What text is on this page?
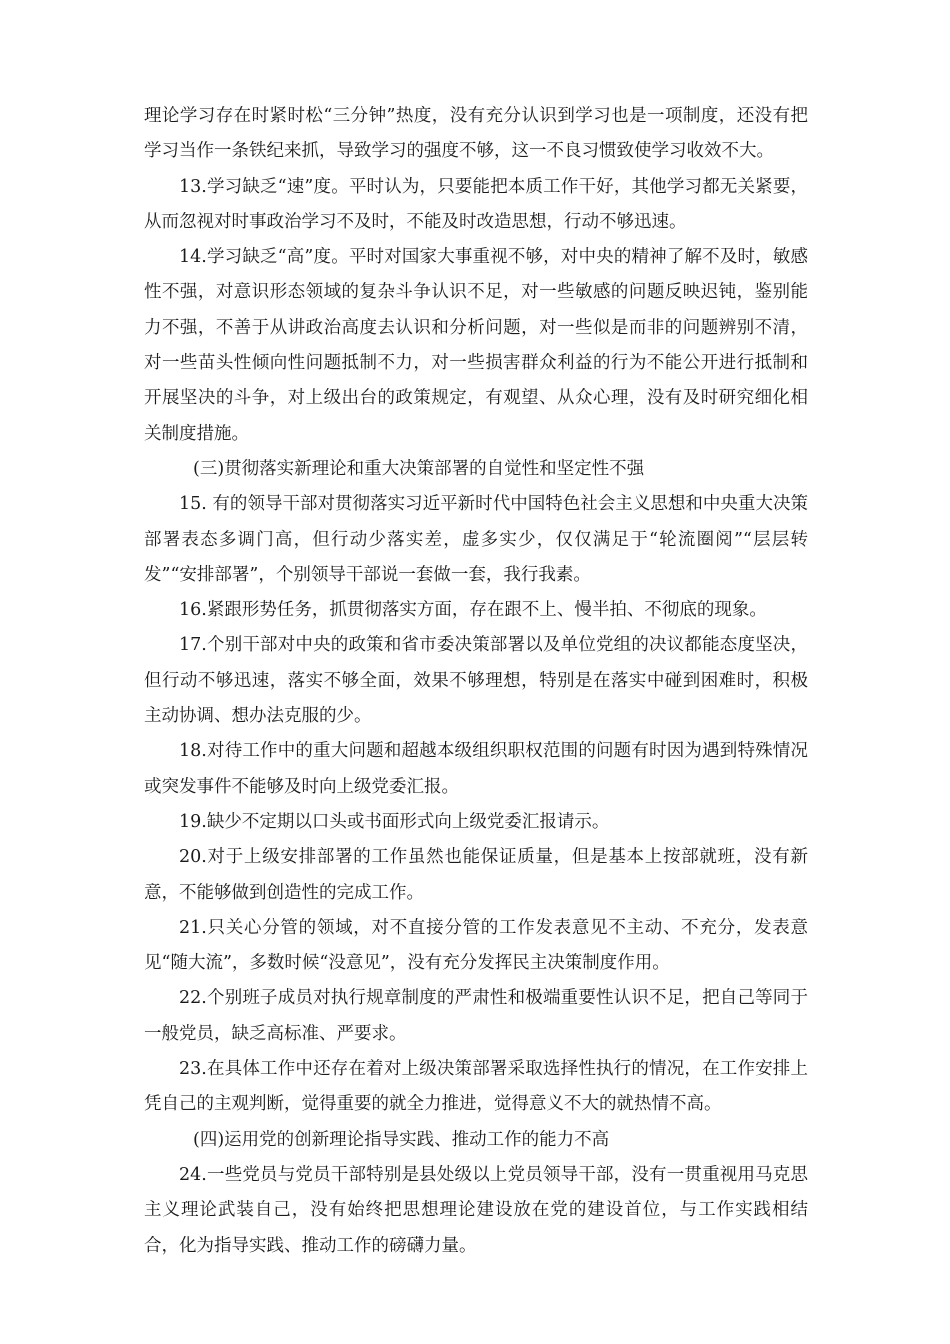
理论学习存在时紧时松“三分钟”热度，没有充分认识到学习也是一项制度，还没有把学习当作一条铁纪来抓，导致学习的强度不够，这一不良习惯致使学习收效不大。

13.学习缺乏“速”度。平时认为，只要能把本质工作干好，其他学习都无关紧要，从而忽视对时事政治学习不及时，不能及时改造思想，行动不够迅速。

14.学习缺乏“高”度。平时对国家大事重视不够，对中央的精神了解不及时，敏感性不强，对意识形态领域的复杂斗争认识不足，对一些敏感的问题反映迟钝，鉴别能力不强，不善于从讲政治高度去认识和分析问题，对一些似是而非的问题辨别不清，对一些苗头性倾向性问题抵制不力，对一些损害群众利益的行为不能公开进行抵制和开展坚决的斗争，对上级出台的政策规定，有观望、从众心理，没有及时研究细化相关制度措施。

(三)贯彻落实新理论和重大决策部署的自觉性和坚定性不强

15. 有的领导干部对贯彻落实习近平新时代中国特色社会主义思想和中央重大决策部署表态多调门高，但行动少落实差，虚多实少，仅仅满足于“轮流圈阅”“层层转发”“安排部署”，个别领导干部说一套做一套，我行我素。

16.紧跟形势任务，抓贯彻落实方面，存在跟不上、慢半拍、不彻底的现象。

17.个别干部对中央的政策和省市委决策部署以及单位党组的决议都能态度坚决，但行动不够迅速，落实不够全面，效果不够理想，特别是在落实中碰到困难时，积极主动协调、想办法克服的少。

18.对待工作中的重大问题和超越本级组织职权范围的问题有时因为遇到特殊情况或突发事件不能够及时向上级党委汇报。

19.缺少不定期以口头或书面形式向上级党委汇报请示。

20.对于上级安排部署的工作虽然也能保证质量，但是基本上按部就班，没有新意，不能够做到创造性的完成工作。

21.只关心分管的领域，对不直接分管的工作发表意见不主动、不充分，发表意见“随大流”，多数时候“没意见”，没有充分发挥民主决策制度作用。

22.个别班子成员对执行规章制度的严肃性和极端重要性认识不足，把自己等同于一般党员，缺乏高标准、严要求。

23.在具体工作中还存在着对上级决策部署采取选择性执行的情况，在工作安排上凭自己的主观判断，觉得重要的就全力推进，觉得意义不大的就热情不高。

(四)运用党的创新理论指导实践、推动工作的能力不高

24.一些党员与党员干部特别是县处级以上党员领导干部，没有一贯重视用马克思主义理论武装自己，没有始终把思想理论建设放在党的建设首位，与工作实践相结合，化为指导实践、推动工作的磅礴力量。
